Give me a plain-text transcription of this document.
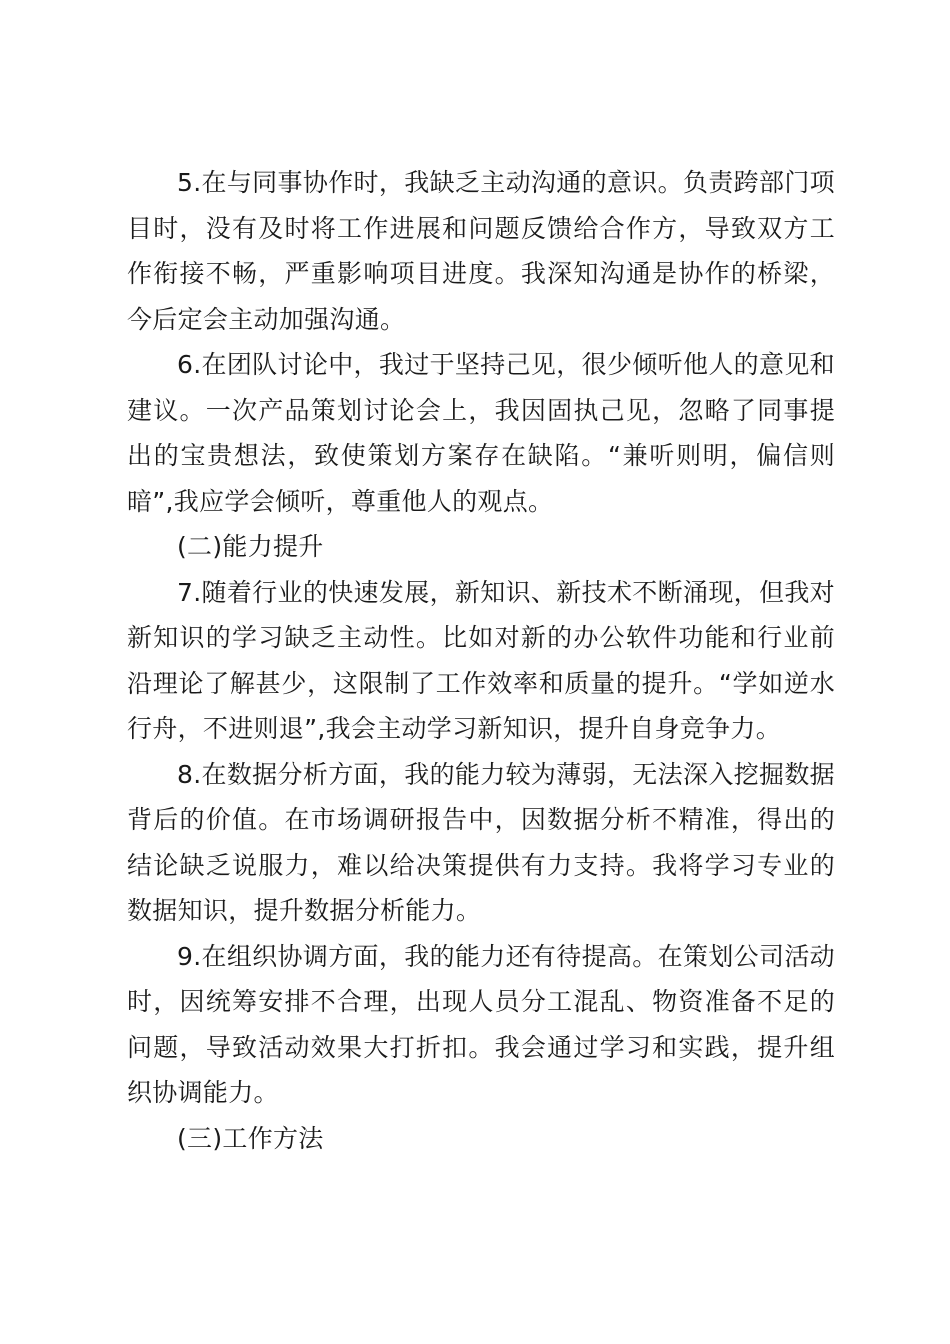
5.在与同事协作时，我缺乏主动沟通的意识。负责跨部门项目时，没有及时将工作进展和问题反馈给合作方，导致双方工作衔接不畅，严重影响项目进度。我深知沟通是协作的桥梁，今后定会主动加强沟通。

6.在团队讨论中，我过于坚持己见，很少倾听他人的意见和建议。一次产品策划讨论会上，我因固执己见，忽略了同事提出的宝贵想法，致使策划方案存在缺陷。“兼听则明，偏信则暗”,我应学会倾听，尊重他人的观点。

(二)能力提升

7.随着行业的快速发展，新知识、新技术不断涌现，但我对新知识的学习缺乏主动性。比如对新的办公软件功能和行业前沿理论了解甚少，这限制了工作效率和质量的提升。“学如逆水行舟，不进则退”,我会主动学习新知识，提升自身竞争力。

8.在数据分析方面，我的能力较为薄弱，无法深入挖掘数据背后的价值。在市场调研报告中，因数据分析不精准，得出的结论缺乏说服力，难以给决策提供有力支持。我将学习专业的数据知识，提升数据分析能力。

9.在组织协调方面，我的能力还有待提高。在策划公司活动时，因统筹安排不合理，出现人员分工混乱、物资准备不足的问题，导致活动效果大打折扣。我会通过学习和实践，提升组织协调能力。

(三)工作方法
